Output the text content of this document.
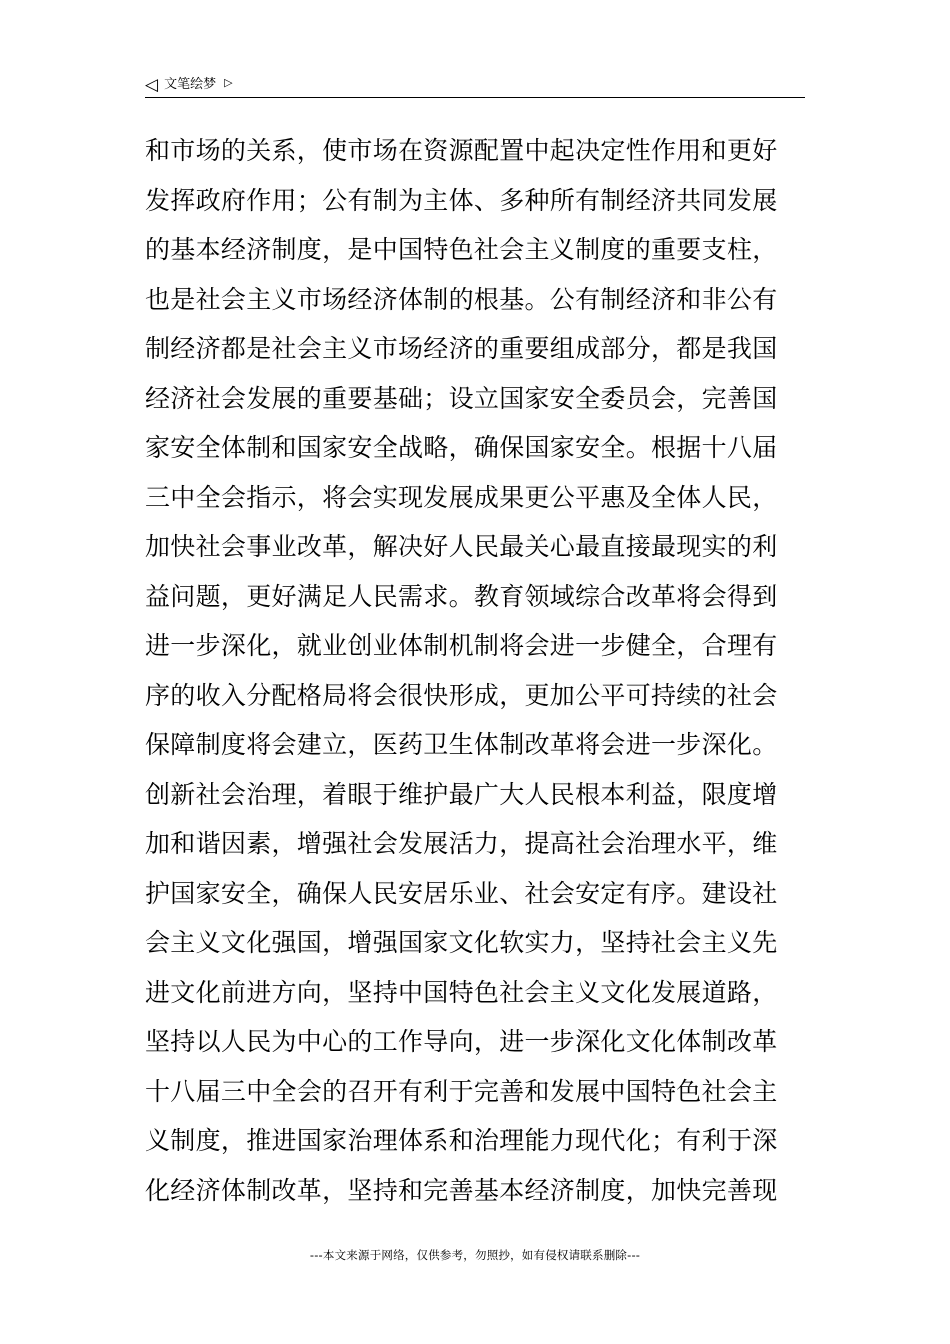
◁ 文笔绘梦 ▷
和市场的关系，使市场在资源配置中起决定性作用和更好
发挥政府作用；公有制为主体、多种所有制经济共同发展
的基本经济制度，是中国特色社会主义制度的重要支柱，
也是社会主义市场经济体制的根基。公有制经济和非公有
制经济都是社会主义市场经济的重要组成部分，都是我国
经济社会发展的重要基础；设立国家安全委员会，完善国
家安全体制和国家安全战略，确保国家安全。根据十八届
三中全会指示，将会实现发展成果更公平惠及全体人民，
加快社会事业改革，解决好人民最关心最直接最现实的利
益问题，更好满足人民需求。教育领域综合改革将会得到
进一步深化，就业创业体制机制将会进一步健全，合理有
序的收入分配格局将会很快形成，更加公平可持续的社会
保障制度将会建立，医药卫生体制改革将会进一步深化。
创新社会治理，着眼于维护最广大人民根本利益，限度增
加和谐因素，增强社会发展活力，提高社会治理水平，维
护国家安全，确保人民安居乐业、社会安定有序。建设社
会主义文化强国，增强国家文化软实力，坚持社会主义先
进文化前进方向，坚持中国特色社会主义文化发展道路，
坚持以人民为中心的工作导向，进一步深化文化体制改革
十八届三中全会的召开有利于完善和发展中国特色社会主
义制度，推进国家治理体系和治理能力现代化；有利于深
化经济体制改革，坚持和完善基本经济制度，加快完善现
---本文来源于网络，仅供参考，勿照抄，如有侵权请联系删除---
